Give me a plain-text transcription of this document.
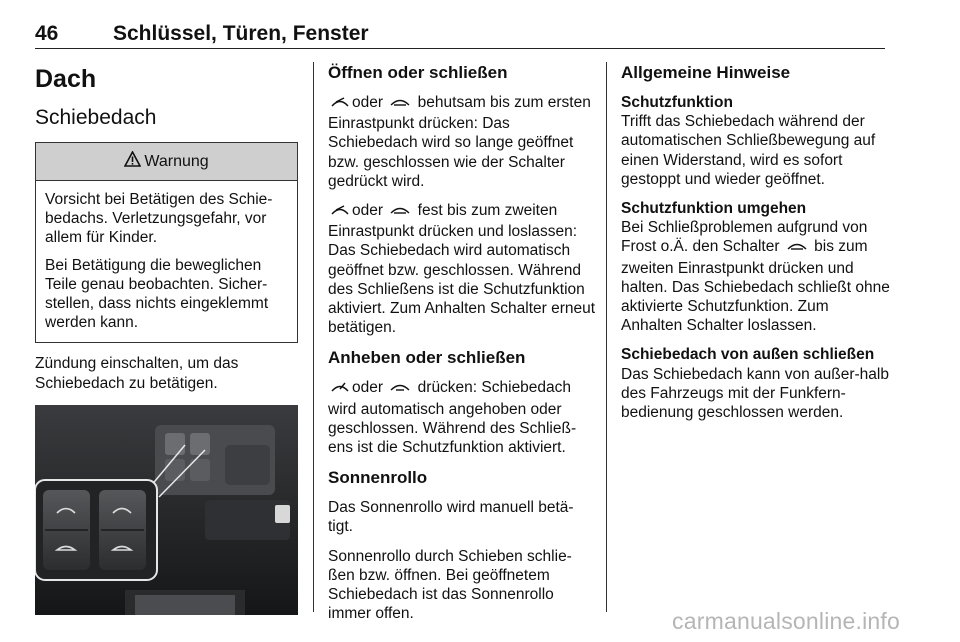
46	Schlüssel, Türen, Fenster
Dach
Schiebedach
Warnung

Vorsicht bei Betätigen des Schie-bedachs. Verletzungsgefahr, vor allem für Kinder.

Bei Betätigung die beweglichen Teile genau beobachten. Sicher-stellen, dass nichts eingeklemmt werden kann.

Zündung einschalten, um das Schiebedach zu betätigen.

Öffnen oder schließen

oder behutsam bis zum ersten Einrastpunkt drücken: Das Schiebedach wird so lange geöffnet bzw. geschlossen wie der Schalter gedrückt wird.

oder fest bis zum zweiten Einrastpunkt drücken und loslassen: Das Schiebedach wird automatisch geöffnet bzw. geschlossen. Während des Schließens ist die Schutzfunktion aktiviert. Zum Anhalten Schalter erneut betätigen.

Anheben oder schließen

oder drücken: Schiebedach wird automatisch angehoben oder geschlossen. Während des Schließ-ens ist die Schutzfunktion aktiviert.

Sonnenrollo

Das Sonnenrollo wird manuell betä-tigt.

Sonnenrollo durch Schieben schlie-ßen bzw. öffnen. Bei geöffnetem Schiebedach ist das Sonnenrollo immer offen.

Allgemeine Hinweise
Schutzfunktion

Trifft das Schiebedach während der automatischen Schließbewegung auf einen Widerstand, wird es sofort gestoppt und wieder geöffnet.

Schutzfunktion umgehen

Bei Schließproblemen aufgrund von Frost o.Ä. den Schalter bis zum zweiten Einrastpunkt drücken und halten. Das Schiebedach schließt ohne aktivierte Schutzfunktion. Zum Anhalten Schalter loslassen.

Schiebedach von außen schließen

Das Schiebedach kann von außer-halb des Fahrzeugs mit der Funkfern-bedienung geschlossen werden.

carmanualsonline.info
